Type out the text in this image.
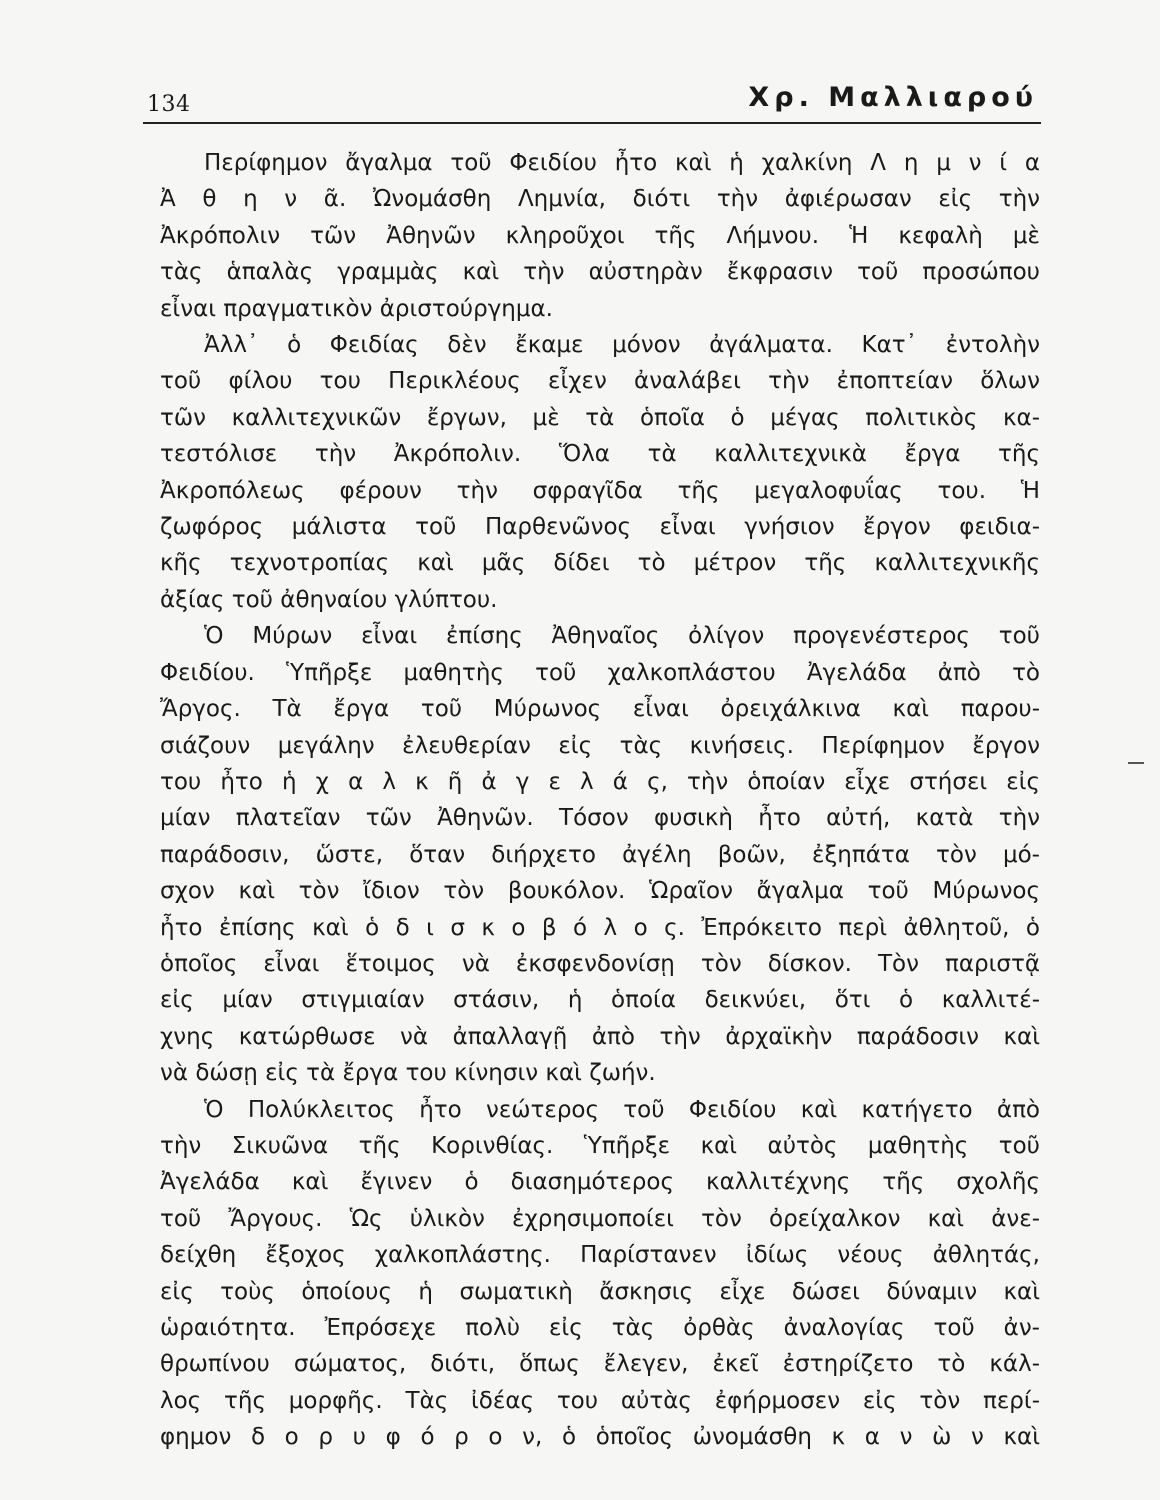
134	Χρ. Μαλλιαρού

Περίφημον ἄγαλμα τοῦ Φειδίου ἦτο καὶ ἡ χαλκίνη Λ η μ ν ί α
Ἀ θ η ν ᾶ. Ὠνομάσθη Λημνία, διότι τὴν ἀφιέρωσαν εἰς τὴν
Ἀκρόπολιν τῶν Ἀθηνῶν κληροῦχοι τῆς Λήμνου. Ἡ κεφαλὴ μὲ
τὰς ἁπαλὰς γραμμὰς καὶ τὴν αὐστηρὰν ἔκφρασιν τοῦ προσώπου
εἶναι πραγματικὸν ἀριστούργημα.

Ἀλλ᾽ ὁ Φειδίας δὲν ἔκαμε μόνον ἀγάλματα. Κατ᾽ ἐντολὴν
τοῦ φίλου του Περικλέους εἶχεν ἀναλάβει τὴν ἐποπτείαν ὅλων
τῶν καλλιτεχνικῶν ἔργων, μὲ τὰ ὁποῖα ὁ μέγας πολιτικὸς κα-
τεστόλισε τὴν Ἀκρόπολιν. Ὅλα τὰ καλλιτεχνικὰ ἔργα τῆς
Ἀκροπόλεως φέρουν τὴν σφραγῖδα τῆς μεγαλοφυΐας του. Ἡ
ζωφόρος μάλιστα τοῦ Παρθενῶνος εἶναι γνήσιον ἔργον φειδια-
κῆς τεχνοτροπίας καὶ μᾶς δίδει τὸ μέτρον τῆς καλλιτεχνικῆς
ἀξίας τοῦ ἀθηναίου γλύπτου.

Ὁ Μύρων εἶναι ἐπίσης Ἀθηναῖος ὀλίγον προγενέστερος τοῦ
Φειδίου. Ὑπῆρξε μαθητὴς τοῦ χαλκοπλάστου Ἀγελάδα ἀπὸ τὸ
Ἄργος. Τὰ ἔργα τοῦ Μύρωνος εἶναι ὀρειχάλκινα καὶ παρου-
σιάζουν μεγάλην ἐλευθερίαν εἰς τὰς κινήσεις. Περίφημον ἔργον
του ἦτο ἡ χ α λ κ ῆ ἀ γ ε λ ά ς, τὴν ὁποίαν εἶχε στήσει εἰς
μίαν πλατεῖαν τῶν Ἀθηνῶν. Τόσον φυσικὴ ἦτο αὐτή, κατὰ τὴν
παράδοσιν, ὥστε, ὅταν διήρχετο ἀγέλη βοῶν, ἐξηπάτα τὸν μό-
σχον καὶ τὸν ἴδιον τὸν βουκόλον. Ὡραῖον ἄγαλμα τοῦ Μύρωνος
ἦτο ἐπίσης καὶ ὁ δ ι σ κ ο β ό λ ο ς. Ἐπρόκειτο περὶ ἀθλητοῦ, ὁ
ὁποῖος εἶναι ἕτοιμος νὰ ἐκσφενδονίσῃ τὸν δίσκον. Τὸν παριστᾷ
εἰς μίαν στιγμιαίαν στάσιν, ἡ ὁποία δεικνύει, ὅτι ὁ καλλιτέ-
χνης κατώρθωσε νὰ ἀπαλλαγῇ ἀπὸ τὴν ἀρχαϊκὴν παράδοσιν καὶ
νὰ δώσῃ εἰς τὰ ἔργα του κίνησιν καὶ ζωήν.

Ὁ Πολύκλειτος ἦτο νεώτερος τοῦ Φειδίου καὶ κατήγετο ἀπὸ
τὴν Σικυῶνα τῆς Κορινθίας. Ὑπῆρξε καὶ αὐτὸς μαθητὴς τοῦ
Ἀγελάδα καὶ ἔγινεν ὁ διασημότερος καλλιτέχνης τῆς σχολῆς
τοῦ Ἄργους. Ὡς ὑλικὸν ἐχρησιμοποίει τὸν ὀρείχαλκον καὶ ἀνε-
δείχθη ἔξοχος χαλκοπλάστης. Παρίστανεν ἰδίως νέους ἀθλητάς,
εἰς τοὺς ὁποίους ἡ σωματικὴ ἄσκησις εἶχε δώσει δύναμιν καὶ
ὡραιότητα. Ἐπρόσεχε πολὺ εἰς τὰς ὀρθὰς ἀναλογίας τοῦ ἀν-
θρωπίνου σώματος, διότι, ὅπως ἔλεγεν, ἐκεῖ ἐστηρίζετο τὸ κάλ-
λος τῆς μορφῆς. Τὰς ἰδέας του αὐτὰς ἐφήρμοσεν εἰς τὸν περί-
φημον δ ο ρ υ φ ό ρ ο ν, ὁ ὁποῖος ὠνομάσθη κ α ν ὼ ν καὶ
